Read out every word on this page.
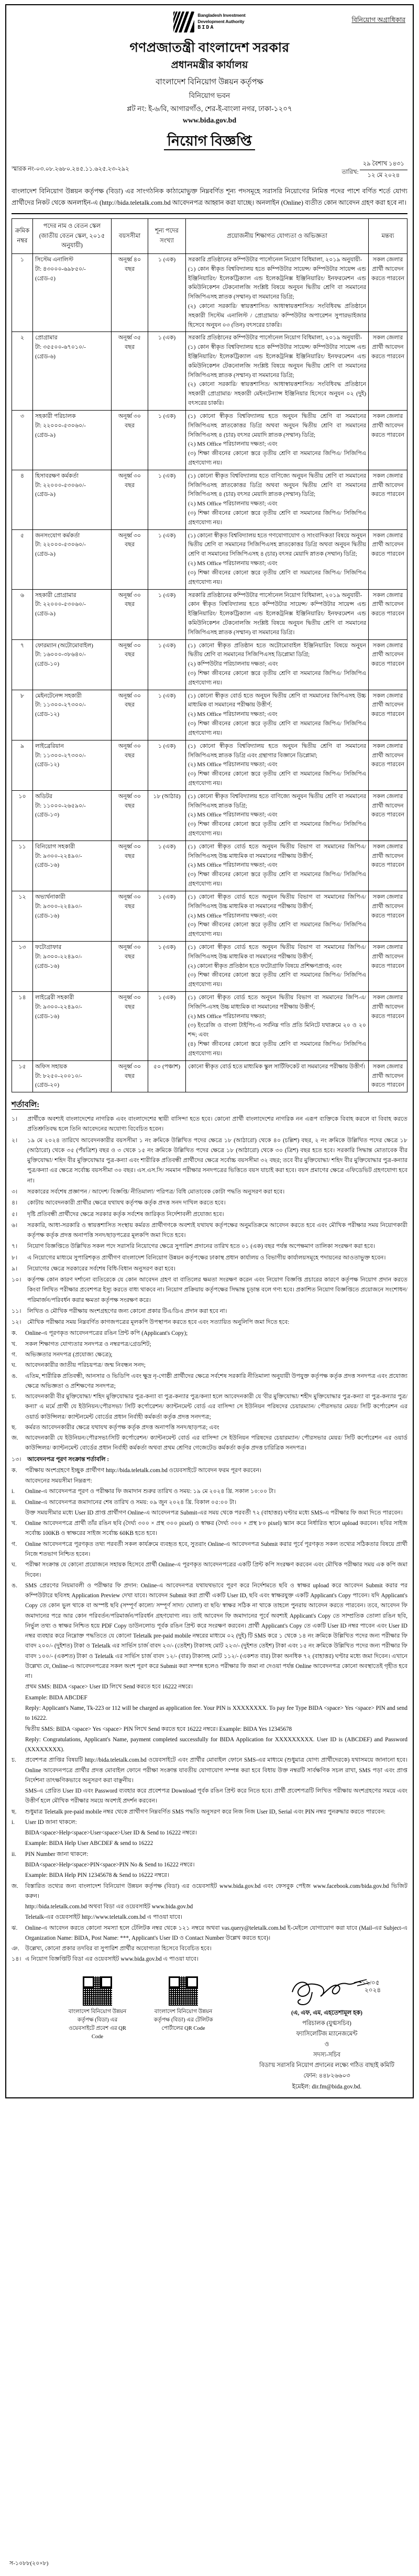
Bangladesh Investment
Development Authority
BIDA
বিনিয়োগ অগ্রাধিকার
গণপ্রজাতন্ত্রী বাংলাদেশ সরকার
প্রধানমন্ত্রীর কার্যালয়
বাংলাদেশ বিনিয়োগ উন্নয়ন কর্তৃপক্ষ
বিনিয়োগ ভবন
প্লট নং: ই-৬/বি, আগারগাঁও, শের-ই-বাংলা নগর, ঢাকা-১২০৭
www.bida.gov.bd
নিয়োগ বিজ্ঞপ্তি
স্মারক নং-০৩.০৮.২৬৮০.২৪৫.১১.৬২৫.২৩-২৯২	তারিখ:
২৯ বৈশাখ ১৪৩১
১২ মে ২০২৪
বাংলাদেশ বিনিয়োগ উন্নয়ন কর্তৃপক্ষ (বিডা) এর সাংগঠনিক কাঠামোভুক্ত নিম্নবর্ণিত শূন্য পদসমূহে সরাসরি নিয়োগের নিমিত্ত পদের পাশে বর্ণিত শর্তে যোগ্য প্রার্থীদের নিকট থেকে অনলাইন-এ (http://bida.teletalk.com.bd আবেদনপত্র আহ্বান করা যাচ্ছে। অনলাইন (Online) ব্যতীত কোন আবেদন গ্রহণ করা হবে না।
ক্রমিক নম্বর	পদের নাম ও বেতন স্কেল (জাতীয় বেতন স্কেল, ২০১৫ অনুযায়ী)	বয়সসীমা	শূন্য পদের সংখ্যা	প্রয়োজনীয় শিক্ষাগত যোগ্যতা ও অভিজ্ঞতা	মন্তব্য
১	সিস্টেম এনালিস্ট
টা: ৪৩০০০-৬৯৮৫০/-
(গ্রেড-৫)
	অনূর্ধ্ব ৪০ বছর	১ (এক)	সরকারি প্রতিষ্ঠানের কম্পিউটার পার্সোনেল নিয়োগ বিধিমালা, ২০১৯ অনুযায়ী-
(১) কোন স্বীকৃত বিশ্ববিদ্যালয় হতে কম্পিউটার সায়েন্স/ কম্পিউটার সায়েন্স এন্ড ইঞ্জিনিয়ারিং/ ইলেকট্রিক্যাল এন্ড ইলেকট্রনিক্স ইঞ্জিনিয়ারিং/ ইনফরমেশন এন্ড কমিউনিকেশন টেকনোলজি সংশ্লিষ্ট বিষয়ে অনূ্যন দ্বিতীয় শ্রেণি বা সমমানের সিজিপিএসহ স্নাতক (সম্মান) বা সমমানের ডিগ্রি;
(২) কোনো সরকারি/ স্বায়ত্তশাসিত/ আধাস্বায়ত্তশাসিত/ সংবিধিবদ্ধ প্রতিষ্ঠানে সহকারী সিস্টেম এনালিস্ট / প্রোগ্রামার/ কম্পিউটার অপারেশন সুপারভাইজার হিসেবে অনূ্যন ০৩ (তিন) বৎসরের চাকরি।
	সকল জেলার প্রার্থী আবেদন করতে পারবেন
২	প্রোগ্রামার
টা: ৩৫৫০০-৬৭০১০/-
(গ্রেড-৬)
	অনূর্ধ্ব ৩৫ বছর	১ (এক)	সরকারি প্রতিষ্ঠানের কম্পিউটার পার্সোনেল নিয়োগ বিধিমালা, ২০১৯ অনুযায়ী-
(১) কোন স্বীকৃত বিশ্ববিদ্যালয় হতে কম্পিউটার সায়েন্স/ কম্পিউটার সায়েন্স এন্ড ইঞ্জিনিয়ারিং/ ইলেকট্রিক্যাল এন্ড ইলেকট্রনিক্স ইঞ্জিনিয়ারিং/ ইনফরমেশন এন্ড কমিউনিকেশন টেকনোলজি সংশ্লিষ্ট বিষয়ে অনূ্যন দ্বিতীয় শ্রেণি বা সমমানের সিজিপিএসহ স্নাতক (সম্মান) বা সমমানের ডিগ্রি;
(২) কোনো সরকারি/ স্বায়ত্তশাসিত/ আধাস্বায়ত্তশাসিত/ সংবিধিবদ্ধ প্রতিষ্ঠানে সহকারী প্রোগ্রামার/ সহকারী মেইনটেন্যান্স ইঞ্জিনিয়ার হিসেবে অনূ্যন ০২ (দুই) বৎসরের চাকরি।
	সকল জেলার প্রার্থী আবেদন করতে পারবেন
৩	সহকারী পরিচালক
টা: ২২০০০-৫৩০৬০/-
(গ্রেড-৯)
	অনূর্ধ্ব ৩০ বছর	১ (এক)	(১) কোনো স্বীকৃত বিশ্ববিদ্যালয় হতে অনূ্যন দ্বিতীয় শ্রেণি বা সমমানের সিজিপিএসহ স্নাতকোত্তর ডিগ্রি অথবা অনূ্যন দ্বিতীয় শ্রেণি বা সমমানের সিজিপিএসহ ৪ (চার) বৎসর মেয়াদি স্নাতক (সম্মান) ডিগ্রি;
(২) MS Office পরিচালনায় দক্ষতা; এবং
(৩) শিক্ষা জীবনের কোনো স্তরে তৃতীয় শ্রেণি বা সমমানের জিপিএ/ সিজিপিএ গ্রহণযোগ্য নয়।
	সকল জেলার প্রার্থী আবেদন করতে পারবেন
৪	হিসাবরক্ষণ কর্মকর্তা
টা: ২২০০০-৫৩০৬০/-
(গ্রেড-৯)
	অনূর্ধ্ব ৩০ বছর	১ (এক)	(১) কোনো স্বীকৃত বিশ্ববিদ্যালয় হতে বাণিজ্যে অনূ্যন দ্বিতীয় শ্রেণি বা সমমানের সিজিপিএসহ স্নাতকোত্তর ডিগ্রি অথবা অনূ্যন দ্বিতীয় শ্রেণি বা সমমানের সিজিপিএসহ ৪ (চার) বৎসর মেয়াদি স্নাতক (সম্মান) ডিগ্রি;
(২) MS Office পরিচালনায় দক্ষতা; এবং
(৩) শিক্ষা জীবনের কোনো স্তরে তৃতীয় শ্রেণি বা সমমানের জিপিএ/ সিজিপিএ গ্রহণযোগ্য নয়।
	সকল জেলার প্রার্থী আবেদন করতে পারবেন
৫	জনসংযোগ কর্মকর্তা
টা: ২২০০০-৫৩০৬০/-
(গ্রেড-৯)
	অনূর্ধ্ব ৩০ বছর	১ (এক)	(১) কোনো স্বীকৃত বিশ্ববিদ্যালয় হতে গণযোগাযোগ ও সাংবাদিকতা বিষয়ে অনূ্যন দ্বিতীয় শ্রেণি বা সমমানের সিজিপিএসহ স্নাতকোত্তর ডিগ্রি অথবা অনূ্যন দ্বিতীয় শ্রেণি বা সমমানের সিজিপিএসহ ৪ (চার) বৎসর মেয়াদি স্নাতক (সম্মান) ডিগ্রি;
(২) MS Office পরিচালনায় দক্ষতা; এবং
(৩) শিক্ষা জীবনের কোনো স্তরে তৃতীয় শ্রেণি বা সমমানের জিপিএ/ সিজিপিএ গ্রহণযোগ্য নয়।
	সকল জেলার প্রার্থী আবেদন করতে পারবেন
৬	সহকারী প্রোগ্রামার
টা: ২২০০০-৫৩০৬০/-
(গ্রেড-৯)
	অনূর্ধ্ব ৩০ বছর	১ (এক)	সরকারি প্রতিষ্ঠানের কম্পিউটার পার্সোনেল নিয়োগ বিধিমালা, ২০১৯ অনুযায়ী-
কোন স্বীকৃত বিশ্ববিদ্যালয় হতে কম্পিউটার সায়েন্স/ কম্পিউটার সায়েন্স এন্ড ইঞ্জিনিয়ারিং/ ইলেকট্রিক্যাল এন্ড ইলেকট্রনিক্স ইঞ্জিনিয়ারিং/ ইনফরমেশন এন্ড কমিউনিকেশন টেকনোলজি সংশ্লিষ্ট বিষয়ে অনূ্যন দ্বিতীয় শ্রেণি বা সমমানের সিজিপিএসহ স্নাতক (সম্মান) বা সমমানের ডিগ্রি।
	সকল জেলার প্রার্থী আবেদন করতে পারবেন
৭	ফোরম্যান (অটোমোবাইল)
টা: ১৬০০০-৩৮৬৪০/-
(গ্রেড-১০)
	অনূর্ধ্ব ৩০ বছর	১ (এক)	(১) কোনো স্বীকৃত প্রতিষ্ঠান হতে অটোমোবাইল ইঞ্জিনিয়ারিং বিষয়ে অনূ্যন দ্বিতীয় শ্রেণি বা সমমানের সিজিপিএসহ ডিপ্লোমা ডিগ্রি;
(২) কম্পিউটার পরিচালনায় দক্ষতা; এবং
(৩) শিক্ষা জীবনের কোনো স্তরে তৃতীয় শ্রেণি বা সমমানের জিপিএ/ সিজিপিএ গ্রহণযোগ্য নয়।
	সকল জেলার প্রার্থী আবেদন করতে পারবেন
৮	মেইনটেনেন্স সহকারী
টা: ১১৩০০-২৭৩০০/-
(গ্রেড-১২)
	অনূর্ধ্ব ৩০ বছর	১ (এক)	(১) কোনো স্বীকৃত বোর্ড হতে অনূ্যন দ্বিতীয় শ্রেণি বা সমমানের জিপিএসহ উচ্চ মাধ্যমিক বা সমমানের পরীক্ষায় উত্তীর্ণ;
(২) MS Office পরিচালনায় দক্ষতা; এবং
(৩) শিক্ষা জীবনের কোনো স্তরে তৃতীয় শ্রেণি বা সমমানের জিপিএ/ সিজিপিএ গ্রহণযোগ্য নয়।
	সকল জেলার প্রার্থী আবেদন করতে পারবেন
৯	লাইব্রেরিয়ান
টা: ১১৩০০-২৭৩০০/-
(গ্রেড-১২)
	অনূর্ধ্ব ৩০ বছর	১ (এক)	(১) কোনো স্বীকৃত বিশ্ববিদ্যালয় হতে অনূ্যন দ্বিতীয় শ্রেণি বা সমমানের সিজিপিএসহ স্নাতক ডিগ্রি এবং গ্রন্থাগার বিজ্ঞানে ডিপ্লোমা;
(২) MS Office পরিচালনায় দক্ষতা; এবং
(৩) শিক্ষা জীবনের কোনো স্তরে তৃতীয় শ্রেণি বা সমমানের জিপিএ/ সিজিপিএ গ্রহণযোগ্য নয়।
	সকল জেলার প্রার্থী আবেদন করতে পারবেন
১০	অডিটর
টা: ১১০০০-২৬৫৯০/-
(গ্রেড-১৩)
	অনূর্ধ্ব ৩০ বছর	১৮ (আঠার)	(১) কোনো স্বীকৃত বিশ্ববিদ্যালয় হতে বাণিজ্যে অনূ্যন দ্বিতীয় শ্রেণি বা সমমানের সিজিপিএসহ স্নাতক ডিগ্রি;
(২) MS Office পরিচালনায় দক্ষতা; এবং
(৩) শিক্ষা জীবনের কোনো স্তরে তৃতীয় শ্রেণি বা সমমানের জিপিএ/ সিজিপিএ গ্রহণযোগ্য নয়।
	সকল জেলার প্রার্থী আবেদন করতে পারবেন
১১	বিনিয়োগ সহকারী
টা: ৯৩০০-২২৪৯০/-
(গ্রেড-১৬)
	অনূর্ধ্ব ৩০ বছর	১ (এক)	(১) কোনো স্বীকৃত বোর্ড হতে অনূ্যন দ্বিতীয় বিভাগ বা সমমানের জিপিএ/ সিজিপিএসহ উচ্চ মাধ্যমিক বা সমমানের পরীক্ষায় উত্তীর্ণ;
(২) MS Office পরিচালনায় দক্ষতা; এবং
(৩) শিক্ষা জীবনের কোনো স্তরে তৃতীয় শ্রেণি বা সমমানের জিপিএ/ সিজিপিএ গ্রহণযোগ্য নয়।
	সকল জেলার প্রার্থী আবেদন করতে পারবেন
১২	অভ্যর্থনাকারী
টা: ৯৩০০-২২৪৯০/-
(গ্রেড-১৬)
	অনূর্ধ্ব ৩০ বছর	১ (এক)	(১) কোনো স্বীকৃত বোর্ড হতে অনূ্যন দ্বিতীয় বিভাগ বা সমমানের জিপিএ/ সিজিপিএসহ উচ্চ মাধ্যমিক বা সমমানের পরীক্ষায় উত্তীর্ণ;
(২) MS Office পরিচালনায় দক্ষতা; এবং
(৩) শিক্ষা জীবনের কোনো স্তরে তৃতীয় শ্রেণি বা সমমানের জিপিএ/ সিজিপিএ গ্রহণযোগ্য নয়।
	সকল জেলার প্রার্থী আবেদন করতে পারবেন
১৩	ফটোগ্রাফার
টা: ৯৩০০-২২৪৯০/-
(গ্রেড-১৬)
	অনূর্ধ্ব ৩০ বছর	১ (এক)	(১) কোনো স্বীকৃত বোর্ড হতে অনূ্যন দ্বিতীয় বিভাগ বা সমমানের জিপিএ/ সিজিপিএসহ উচ্চ মাধ্যমিক বা সমমানের পরীক্ষায় উত্তীর্ণ;
(২) কোনো স্বীকৃত প্রতিষ্ঠান হতে ফটোগ্রাফি বিষয়ে প্রশিক্ষণপ্রাপ্ত; এবং
(৩) শিক্ষা জীবনের কোনো স্তরে তৃতীয় শ্রেণি বা সমমানের জিপিএ/ সিজিপিএ গ্রহণযোগ্য নয়।
	সকল জেলার প্রার্থী আবেদন করতে পারবেন
১৪	লাইব্রেরী সহকারী
টা: ৯৩০০-২২৪৯০/-
(গ্রেড-১৬)
	অনূর্ধ্ব ৩০ বছর	১ (এক)	(১) কোনো স্বীকৃত বোর্ড হতে অনূ্যন দ্বিতীয় বিভাগ বা সমমানের জিপি-এ/ সিজিপি-এসহ উচ্চ মাধ্যমিক বা সমমানের পরীক্ষায় উত্তীর্ণ;
(২) MS Office পরিচালনায় দক্ষতা;
(৩) ইংরেজি ও বাংলা টাইপিং-এ সর্বনিম্ন গতি প্রতি মিনিটে যথাক্রমে ২০ ও ২০ শব্দ; এবং
(৪) শিক্ষা জীবনের কোনো স্তরে তৃতীয় শ্রেণি বা সমমানের জিপিএ/ সিজিপিএ গ্রহণযোগ্য নয়।
	সকল জেলার প্রার্থী আবেদন করতে পারবেন
১৫	অফিস সহায়ক
টা: ৮২৫০-২০০১০/-
(গ্রেড-২০)	অনূর্ধ্ব ৩০ বছর	৫০ (পঞ্চাশ)	কোনো স্বীকৃত বোর্ড হতে মাধ্যমিক স্কুল সার্টিফিকেট বা সমমানের পরীক্ষায় উত্তীর্ণ।	সকল জেলার প্রার্থী আবেদন করতে পারবেন
শর্তাবলি:
১।	প্রার্থীকে অবশ্যই বাংলাদেশের নাগরিক এবং বাংলাদেশের স্থায়ী বাসিন্দা হতে হবে। কোনো প্রার্থী বাংলাদেশের নাগরিক নন এরূপ ব্যক্তিকে বিবাহ করলে বা বিবাহ করতে প্রতিশ্রুতিবদ্ধ হলে তিনি আবেদনের অযোগ্য বিবেচিত হবেন।
২।	১৯ মে ২০২৪ তারিখে আবেদনকারীর বয়সসীমা ১ নং ক্রমিকে উল্লিখিত পদের ক্ষেত্রে ১৮ (আঠারো) থেকে ৪০ (চল্লিশ) বছর, ২ নং ক্রমিকে উল্লিখিত পদের ক্ষেত্রে ১৮ (আঠারো) থেকে ৩৫ (পঁয়ত্রিশ) বছর ও ৩ থেকে ১৫ নং ক্রমিকে উল্লিখিত পদের ক্ষেত্রে ১৮ (আঠারো) থেকে ৩০ (ত্রিশ) বছর হতে হবে। সরকারি সিদ্ধান্ত মোতাবেক বীর মুক্তিযোদ্ধা/ শহিদ বীর মুক্তিযোদ্ধার পুত্র-কন্যা এবং শারীরিক প্রতিবন্ধী প্রার্থীদের ক্ষেত্রে সর্বোচ্চ বয়সসীমা ৩২ বছর; তবে বীর মুক্তিযোদ্ধা/ শহিদ বীর মুক্তিযোদ্ধার পুত্র-কন্যার পুত্র/কন্যা এর ক্ষেত্রে সর্বোচ্চ বয়সসীমা ৩০ বছর। এস.এস.সি/ সমমান পরীক্ষার সনদপত্রের ভিত্তিতে বয়স যাচাই করা হবে। বয়স প্রমাণের ক্ষেত্রে এফিডেভিট গ্রহণযোগ্য হবে না।
৩।	সরকারের সর্বশেষ প্রজ্ঞাপন / আদেশ/ বিজ্ঞপ্তি/ নীতিমালা/ পরিপত্র/ বিধি মোতাবেক কোটা পদ্ধতি অনুসরণ করা হবে।
৪।	কোটায় আবেদনকারী প্রার্থীর ক্ষেত্রে যথাযথ কর্তৃপক্ষ কর্তৃক প্রদত্ত সনদ দাখিল করতে হবে।
৫।	দৃষ্টি প্রতিবন্ধী প্রার্থীদের ক্ষেত্রে সরকার কর্তৃক সর্বশেষ জারিকৃত নির্দেশাবলী প্রযোজ্য হবে।
৬।	সরকারি, আধা-সরকারি ও স্বায়ত্তশাসিত সংস্থায় কর্মরত প্রার্থীগণকে অবশ্যই যথাযথ কর্তৃপক্ষের অনুমতিক্রমে আবেদন করতে হবে এবং মৌখিক পরীক্ষার সময় নিয়োগকারী কর্তৃপক্ষ কর্তৃক প্রদত্ত অনাপত্তি সনদ/ছাড়পত্রের মূলকপি জমা দিতে হবে।
৭।	নিয়োগ বিজ্ঞপ্তিতে উল্লিখিত সকল পদে সরাসরি নিয়োগের ক্ষেত্রে সুপারিশ প্রদানের তারিখ হতে ০১ (এক) বছর পর্যন্ত অপেক্ষমাণ তালিকা সংরক্ষণ করা হবে।
৮।	এ নিয়োগের মাধ্যমে সুপারিশকৃত প্রার্থীগণ বাংলাদেশ বিনিয়োগ উন্নয়ন কর্তৃপক্ষের ঢাকাস্থ প্রধান কার্যালয় ও বিভাগীয় কার্যালয়সমূহে পদায়নের আওতাভুক্ত হবেন।
৯।	নিয়োগের ক্ষেত্রে সরকারের সর্বশেষ বিধি-বিধান অনুসরণ করা হবে।
১০।	কর্তৃপক্ষ কোন কারণ দর্শানো ব্যতিরেকে যে কোন আবেদন গ্রহণ বা বাতিলের ক্ষমতা সংরক্ষণ করেন এবং নিয়োগ বিজ্ঞপ্তি প্রচারের কারণে কর্তৃপক্ষ নিয়োগ প্রদান করতে কিংবা লিখিত পরীক্ষার প্রবেশপত্র ইস্যু করতে বাধ্য থাকবে না। নিয়োগ প্রক্রিয়ায় কর্তৃপক্ষের সিদ্ধান্ত চূড়ান্ত বলে গণ্য হবে। প্রকাশিত নিয়োগ বিজ্ঞপ্তিতে প্রয়োজনে সংশোধন/পরিমার্জন/পরিবর্ধন করার ক্ষমতা কর্তৃপক্ষ সংরক্ষণ করে।
১১।	লিখিত ও মৌখিক পরীক্ষায় অংশগ্রহণের জন্য কোনো প্রকার টিএ/ডিএ প্রদান করা হবে না।
১২।	মৌখিক পরীক্ষার সময় নিম্নবর্ণিত কাগজপত্রের মূলকপি উপস্থাপন করতে হবে এবং সত্যায়িত অনুলিপি জমা দিতে হবে:
ক.	Online-এ পূরণকৃত আবেদনপত্রের রঙিন প্রিন্ট কপি (Applicant's Copy);
খ.	সকল শিক্ষাগত যোগ্যতার সনদপত্র ও নম্বরপত্র/গ্রেডশিট;
গ.	অভিজ্ঞতার সনদপত্র (প্রযোজ্য ক্ষেত্রে);
ঘ.	আবেদনকারীর জাতীয় পরিচয়পত্র/ জন্ম নিবন্ধন সনদ;
ঙ.	এতিম, শারীরিক প্রতিবন্ধী, আনসার ও ভিডিপি এবং ক্ষুদ্র নৃ-গোষ্ঠী প্রার্থীদের ক্ষেত্রে সর্বশেষ সরকারি নীতিমালা অনুযায়ী উপযুক্ত কর্তৃপক্ষ কর্তৃক প্রদত্ত সনদপত্র এবং প্রযোজ্য ক্ষেত্রে অভিজ্ঞতা ও প্রশিক্ষণের সনদপত্র;
চ.	আবেদনকারী বীর মুক্তিযোদ্ধা/ শহিদ মুক্তিযোদ্ধার পুত্র-কন্যা বা পুত্র-কন্যার পুত্র/কন্যা হলে আবেদনকারী যে 'বীর মুক্তিযোদ্ধা/ শহীদ মুক্তিযোদ্ধার পুত্র-কন্যা বা পুত্র-কন্যার পুত্র/কন্যা' এ মর্মে প্রার্থী যে ইউনিয়ন/পৌরসভা/ সিটি কর্পোরেশন/ ক্যান্টনমেন্ট বোর্ড এর বাসিন্দা সে ইউনিয়ন পরিষদের চেয়ারম্যান/ পৌরসভার মেয়র/ সিটি কর্পোরেশন এর ওয়ার্ড কাউন্সিলর/ ক্যান্টনমেন্ট বোর্ডের প্রধান নির্বাহী কর্মকর্তা কর্তৃক প্রদত্ত সনদপত্র;
ছ.	কর্মরত আবেদনকারীর ক্ষেত্রে যথাযথ কর্তৃপক্ষ কর্তৃক প্রদত্ত অনাপত্তি সনদ/ছাড়পত্র; এবং
জ.	আবেদনকারী যে ইউনিয়ন/পৌরসভা/সিটি কর্পোরেশন/ ক্যান্টনমেন্ট বোর্ড এর বাসিন্দা সে ইউনিয়ন পরিষদের চেয়ারম্যান/ পৌরসভার মেয়র/ সিটি কর্পোরেশন এর ওয়ার্ড কাউন্সিলর/ ক্যান্টনমেন্ট বোর্ডের প্রধান নির্বাহী কর্মকর্তা অথবা প্রথম শ্রেণির গেজেটেড কর্মকর্তা কর্তৃক প্রদত্ত চারিত্রিক সনদপত্র।
১৩।	আবেদনপত্র পূরণ সংক্রান্ত শর্তাবলি :
ক.	পরীক্ষায় অংশগ্রহণে ইচ্ছুক প্রার্থীগণ http://bida.teletalk.com.bd ওয়েবসাইটে আবেদন ফরম পূরণ করবেন।
আবেদনের সময়সীমা নিম্নরূপ:
i.	Online-এ আবেদনপত্র পূরণ ও পরীক্ষার ফি জমাদান শুরুর তারিখ ও সময়: ১৯ মে ২০২৪ খ্রি. সকাল ১০:০০ টা।
ii.	Online-এ আবেদনপত্র জমাদানের শেষ তারিখ ও সময়: ০৯ জুন ২০২৪ খ্রি. বিকাল ০৫:০০ টা।
উক্ত সময়সীমার মধ্যে User ID প্রাপ্ত প্রার্থীগণ Online-এ আবেদনপত্র Submit-এর সময় থেকে পরবর্তী ৭২ (বাহাত্তর) ঘণ্টার মধ্যে SMS-এ পরীক্ষার ফি জমা দিতে পারবেন।
খ.	Online আবেদনপত্রে প্রার্থী তাঁর রঙিন ছবি (দৈর্ঘ্য ৩০০ × প্রস্থ ৩০০ pixel) ও স্বাক্ষর (দৈর্ঘ্য ৩০০ × প্রস্থ ৮০ pixel) স্ক্যান করে নির্ধারিত স্থানে upload করবেন। ছবির সাইজ সর্বোচ্চ 100KB ও স্বাক্ষরের সাইজ সর্বোচ্চ 60KB হতে হবে।
গ.	Online আবেদনপত্রে পূরণকৃত তথ্য পরবর্তী সকল কার্যক্রমে ব্যবহৃত হবে, সুতরাং Online-এ আবেদনপত্র Submit করার পূর্বে পূরণকৃত সকল তথ্যের সঠিকতার বিষয়ে প্রার্থী নিজে শতভাগ নিশ্চিত হবেন।
ঘ.	পরীক্ষা সংক্রান্ত যে কোনো প্রয়োজনে সহায়ক হিসেবে প্রার্থী Online-এ পূরণকৃত আবেদনপত্রের একটি প্রিন্ট কপি সংরক্ষণ করবেন এবং মৌখিক পরীক্ষার সময় এক কপি জমা দিবেন।
ঙ.	SMS প্রেরণের নিয়মাবলী ও পরীক্ষার ফি প্রদান: Online-এ আবেদনপত্র যথাযথভাবে পূরণ করে নির্দেশমতে ছবি ও স্বাক্ষর upload করে আবেদন Submit করার পর কম্পিউটারে ছবিসহ Application Preview দেখা যাবে। আবেদন Submit করা প্রার্থী একটি User ID, ছবি এবং স্বাক্ষরযুক্ত একটি Applicant's Copy পাবেন। যদি Applicant's Copy তে কোন ভুল থাকে বা অস্পষ্ট ছবি (সম্পূর্ণ কালো/ সম্পূর্ণ সাদা/ ঘোলা) বা ছবি/ স্বাক্ষর সঠিক না থাকে তাহলে পুনরায় আবেদন করতে পারবেন। তবে, আবেদন ফি জমাদানের পরে আর কোন পরিবর্তন/পরিমার্জন/পরিবর্ধন গ্রহণযোগ্য নয়। তাই আবেদন ফি জমাদানের পূর্বে অবশ্যই Applicant's Copy তে সাম্প্রতিক তোলা রঙিন ছবি, নির্ভুল তথ্য ও স্বাক্ষর নিশ্চিত হয়ে PDF Copy ডাউনলোড পূর্বক রঙিন প্রিন্ট করে সংরক্ষণ করবেন। প্রার্থী Applicant's Copy তে একটি User ID নম্বর পাবেন এবং User ID নম্বর ব্যবহার করে নিম্নোক্ত পদ্ধতিতে যে কোনো Teletalk pre-paid mobile নম্বরের মাধ্যমে ০২ (দুই) টি SMS করে ১ থেকে ১৪ নং ক্রমিকে উল্লিখিত পদের জন্য পরীক্ষার ফি বাবদ ২০০/- (দুইশত) টাকা ও Teletalk এর সার্ভিস চার্জ বাবদ ২৩/- (তেইশ) টাকাসহ মোট ২২৩/- (দুইশত তেইশ) টাকা এবং ১৫ নং ক্রমিকে উল্লিখিত পদের জন্য পরীক্ষার ফি বাবদ ১০০/- (একশত) টাকা ও Teletalk এর সার্ভিস চার্জ বাবদ ১২/- (বার) টাকাসহ মোট ১১২/- (একশত বার) টাকা অনধিক ৭২ (বাহাত্তর) ঘণ্টার মধ্যে জমা দিবেন। এখানে উল্লেখ্য যে, Online-এ আবেদনপত্রের সকল অংশ পূরণ করে Submit করা সম্পন্ন হলেও পরীক্ষার ফি জমা না দেওয়া পর্যন্ত Online আবেদনপত্র কোনো অবস্থাতেই গৃহীত হবে না।
প্রথম SMS: BIDA <space> User ID লিখে Send করতে হবে 16222 নম্বরে।
Example: BIDA ABCDEF
Reply: Applicant's Name, Tk-223 or 112 will be charged as application fee. Your PIN is XXXXXXXX. To pay fee Type BIDA <space> Yes <space> PIN and send to 16222.
দ্বিতীয় SMS: BIDA <space> Yes <space> PIN লিখে Send করতে হবে 16222 নম্বরে। Example: BIDA Yes 12345678
Reply: Congratulations, Applicant's Name, payment completed successfully for BIDA Application for XXXXXXXXX. User ID is (ABCDEF) and Password (XXXXXXXX).
চ.	প্রবেশপত্র প্রাপ্তির বিষয়টি http://bida.teletalk.com.bd ওয়েবসাইটে এবং প্রার্থীর মোবাইল ফোনে SMS-এর মাধ্যমে (শুধুমাত্র যোগ্য প্রার্থীদেরকে) যথাসময়ে জানানো হবে। Online আবেদনপত্রে প্রার্থীর প্রদত্ত মোবাইল ফোনে পরীক্ষা সংক্রান্ত যাবতীয় যোগাযোগ সম্পন্ন করা হবে বিধায় উক্ত নম্বরটি সার্বক্ষণিক সচল রাখা, SMS পড়া এবং প্রাপ্ত নির্দেশনা তাৎক্ষণিকভাবে অনুসরণ করা বাঞ্ছনীয়।
SMS-এ প্রেরিত User ID এবং Password ব্যবহার করে প্রবেশপত্র Download পূর্বক রঙিন প্রিন্ট করে নিতে হবে। প্রার্থী প্রবেশপত্রটি লিখিত পরীক্ষায় অংশগ্রহণের সময়ে এবং উত্তীর্ণ হলে মৌখিক পরীক্ষার সময়ে অবশ্যই প্রদর্শন করবেন।
ছ.	শুধুমাত্র Teletalk pre-paid mobile নম্বর থেকে প্রার্থীগণ নিম্নবর্ণিত SMS পদ্ধতি অনুসরণ করে নিজ নিজ User ID, Serial এবং PIN নম্বর পুনরুদ্ধার করতে পারবেন:
i.	User ID জানা থাকলে:
BIDA<space>Help<space>User<space>User ID & Send to 16222 নম্বরে।
Example: BIDA Help User ABCDEF & send to 16222
ii.	PIN Number জানা থাকলে:
BIDA<space>Help<space>PIN<space>PIN No & Send to 16222 নম্বরে।
Example: BIDA Help PIN 12345678 & Send to 16222 নম্বরে।
জ.	বিস্তারিত তথ্যের জন্য বাংলাদেশ বিনিয়োগ উন্নয়ন কর্তৃপক্ষ (বিডা) এর ওয়েবসাইট www.bida.gov.bd এবং ফেসবুক পেইজ www.facebook.com/bida.gov.bd ভিজিট করুন।
http://bida.teletalk.com.bd অথবা বিডা এর ওয়েবসাইট www.bida.gov.bd
Teletalk-এর ওয়েবসাইট http://www.teletalk.com.bd এ পাওয়া যাবে।
ঝ.	Online-এ আবেদন করতে কোনো সমস্যা হলে টেলিটক নম্বর থেকে ১২১ নম্বরে অথবা vas.query@teletalk.com.bd ই-মেইলে যোগাযোগ করা যাবে (Mail-এর Subject-এ Organization Name: BIDA, Post Name: ***, Applicant's User ID ও Contact Number উল্লেখ করতে হবে)।
ঞ.	উল্লেখ্য, কোনো প্রকার তদবির বা সুপারিশ প্রার্থীর অযোগ্যতা হিসেবে বিবেচিত হবে।
১৪। এ নিয়োগ বিজ্ঞপ্তিটি বিডা এর ওয়েবসাইট www.bida.gov.bd এ পাওয়া যাবে।
বাংলাদেশ বিনিয়োগ উন্নয়ন কর্তৃপক্ষ (বিডা) এর ওয়েবসাইটে প্রবেশ এর QR Code
বাংলাদেশ বিনিয়োগ উন্নয়ন কর্তৃপক্ষ (বিডা) এর টেলিটক পোর্টালের QR Code
১২/০৫
২০২৪
(এ, এফ, এম, এহতেশামূল হক)
পরিচালক (যুগ্মসচিব)
ফ্যাসিলেটিজ ম্যানেজমেন্ট
ও
সদস্য-সচিব
বিডা'য় সরাসরি নিয়োগ প্রদানের লক্ষ্যে গঠিত বাছাই কমিটি
ফোন: ৪৪৮২৬৬০৩
ইমেইল: dir.fm@bida.gov.bd.
স-১০৮৮(২০×৮)
